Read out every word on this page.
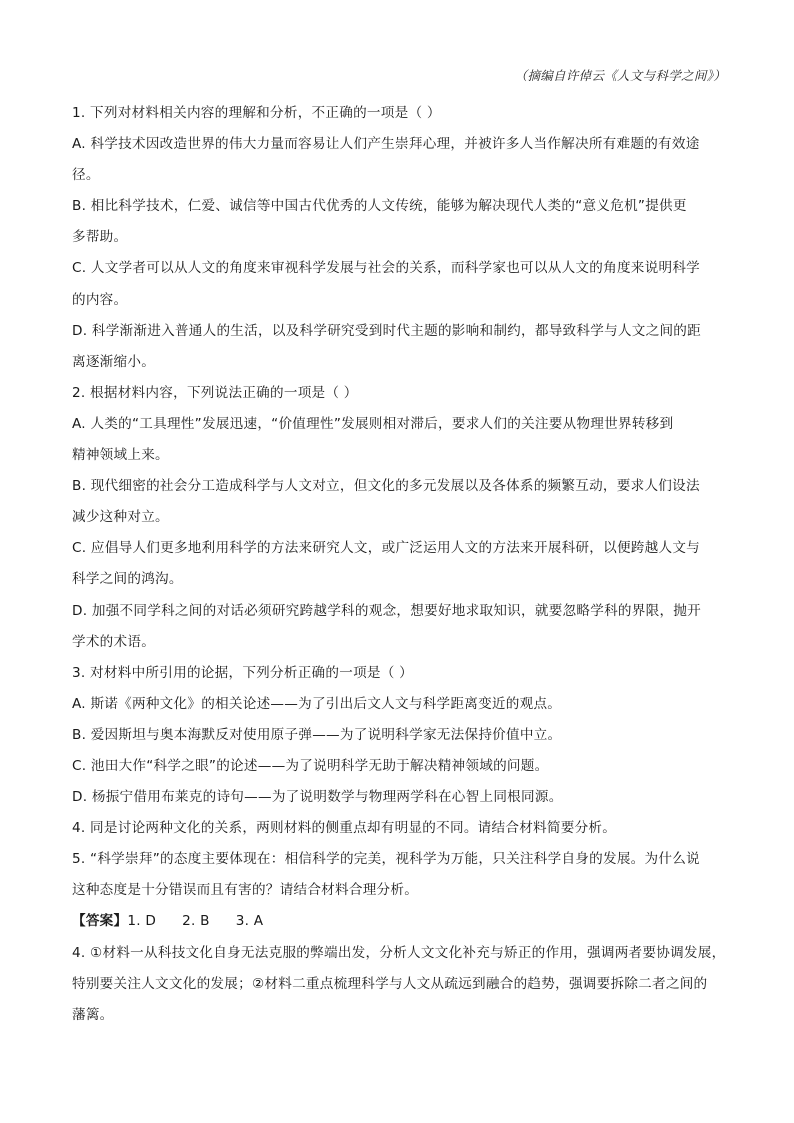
（摘编自许倬云《人文与科学之间》）
1. 下列对材料相关内容的理解和分析，不正确的一项是（ ）
A. 科学技术因改造世界的伟大力量而容易让人们产生崇拜心理，并被许多人当作解决所有难题的有效途
径。
B. 相比科学技术，仁爱、诚信等中国古代优秀的人文传统，能够为解决现代人类的“意义危机”提供更
多帮助。
C. 人文学者可以从人文的角度来审视科学发展与社会的关系，而科学家也可以从人文的角度来说明科学
的内容。
D. 科学渐渐进入普通人的生活，以及科学研究受到时代主题的影响和制约，都导致科学与人文之间的距
离逐渐缩小。
2. 根据材料内容，下列说法正确的一项是（ ）
A. 人类的“工具理性”发展迅速，“价值理性”发展则相对滞后，要求人们的关注要从物理世界转移到
精神领域上来。
B. 现代细密的社会分工造成科学与人文对立，但文化的多元发展以及各体系的频繁互动，要求人们设法
减少这种对立。
C. 应倡导人们更多地利用科学的方法来研究人文，或广泛运用人文的方法来开展科研，以便跨越人文与
科学之间的鸿沟。
D. 加强不同学科之间的对话必须研究跨越学科的观念，想要好地求取知识，就要忽略学科的界限，抛开
学术的术语。
3. 对材料中所引用的论据，下列分析正确的一项是（ ）
A. 斯诺《两种文化》的相关论述——为了引出后文人文与科学距离变近的观点。
B. 爱因斯坦与奥本海默反对使用原子弹——为了说明科学家无法保持价值中立。
C. 池田大作“科学之眼”的论述——为了说明科学无助于解决精神领域的问题。
D. 杨振宁借用布莱克的诗句——为了说明数学与物理两学科在心智上同根同源。
4. 同是讨论两种文化的关系，两则材料的侧重点却有明显的不同。请结合材料简要分析。
5. “科学崇拜”的态度主要体现在：相信科学的完美，视科学为万能，只关注科学自身的发展。为什么说
这种态度是十分错误而且有害的？请结合材料合理分析。
【答案】1. D 2. B 3. A
4. ①材料一从科技文化自身无法克服的弊端出发，分析人文文化补充与矫正的作用，强调两者要协调发展，
特别要关注人文文化的发展；②材料二重点梳理科学与人文从疏远到融合的趋势，强调要拆除二者之间的
藩篱。
